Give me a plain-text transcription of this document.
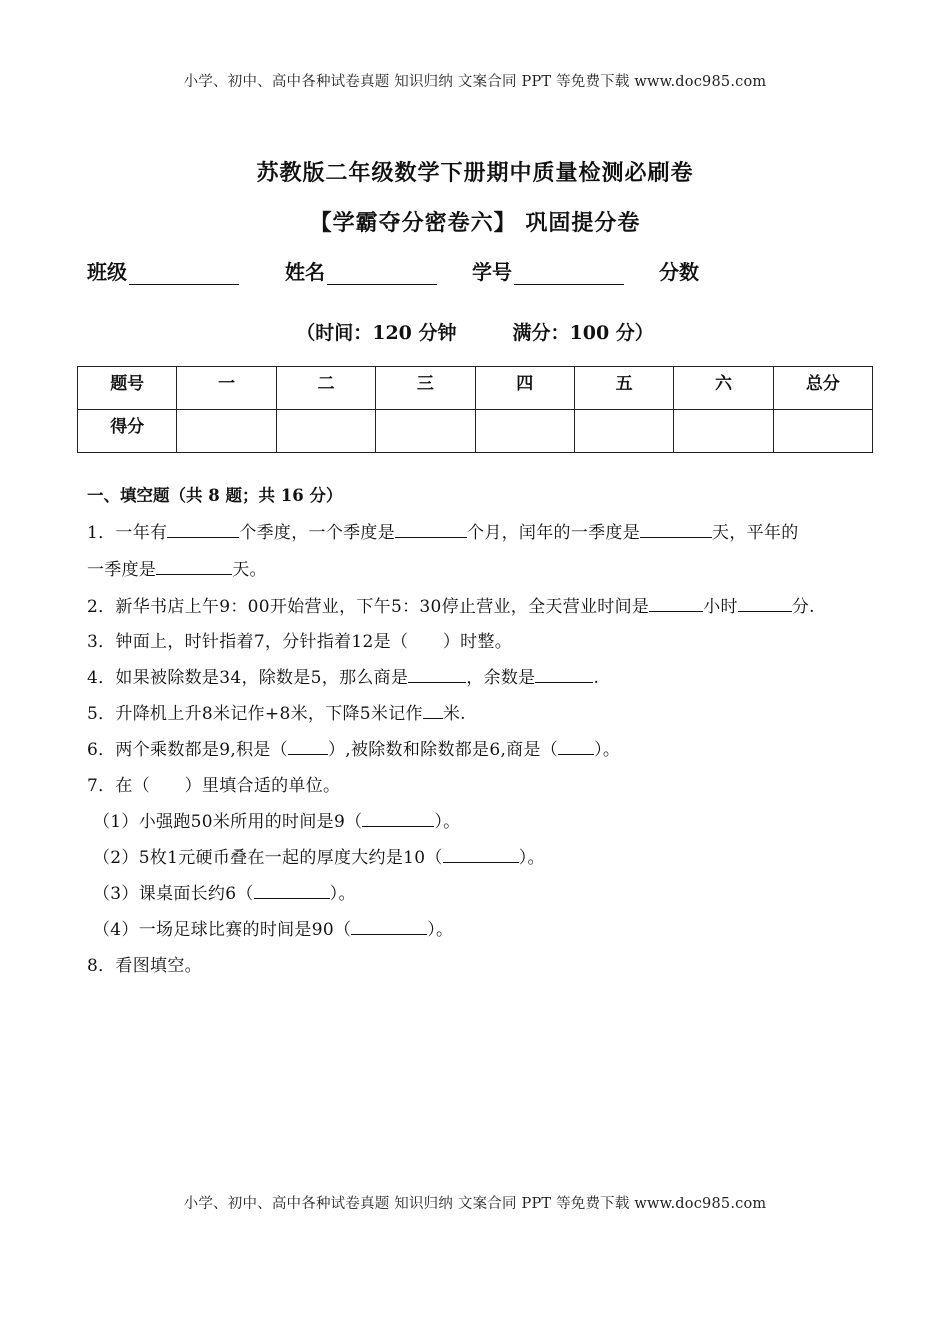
小学、初中、高中各种试卷真题 知识归纳 文案合同 PPT 等免费下载 www.doc985.com
苏教版二年级数学下册期中质量检测必刷卷
【学霸夺分密卷六】 巩固提分卷
班级	姓名	学号	分数
（时间：120 分钟	满分：100 分）
题号	一	二	三	四	五	六	总分
得分							
一、填空题（共 8 题；共 16 分）
1．一年有	个季度，一个季度是	个月，闰年的一季度是	天，平年的
一季度是	天。
2．新华书店上午9：00开始营业，下午5：30停止营业，全天营业时间是	小时	分.
3．钟面上，时针指着7，分针指着12是（　　）时整。
4．如果被除数是34，除数是5，那么商是	，余数是	.
5．升降机上升8米记作+8米，下降5米记作 米.
6．两个乘数都是9,积是（ ）,被除数和除数都是6,商是（ ）。
7．在（　　）里填合适的单位。
（1）小强跑50米所用的时间是9（	）。
（2）5枚1元硬币叠在一起的厚度大约是10（	）。
（3）课桌面长约6（	）。
（4）一场足球比赛的时间是90（	）。
8．看图填空。
小学、初中、高中各种试卷真题 知识归纳 文案合同 PPT 等免费下载 www.doc985.com
